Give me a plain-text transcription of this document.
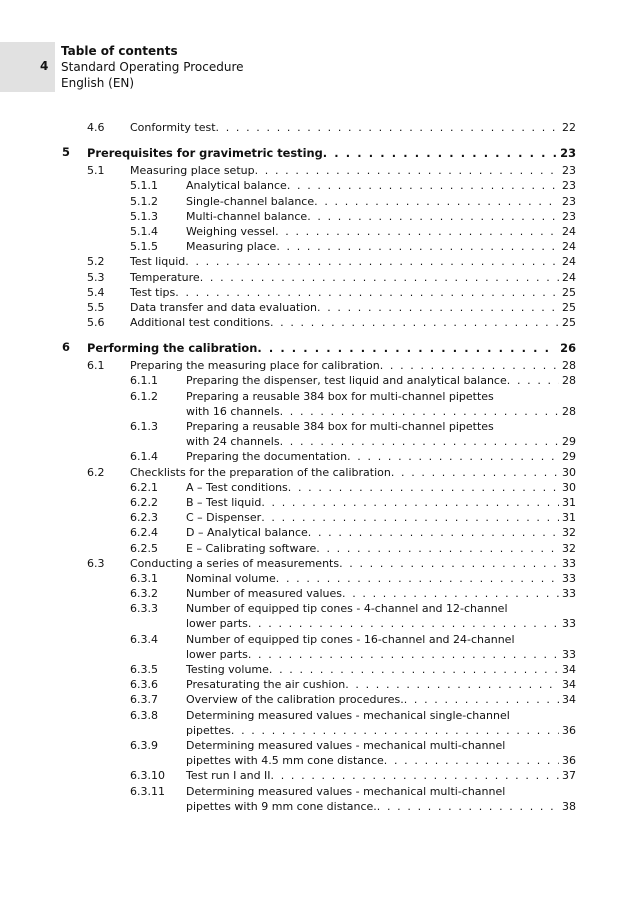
4
Table of contents
Standard Operating Procedure
English (EN)
4.6 Conformity test . . .	22
5 Prerequisites for gravimetric testing . . .	23
5.1 Measuring place setup . . .	23
5.1.1	Analytical balance . . .	23
5.1.2	Single-channel balance . . .	23
5.1.3	Multi-channel balance . . .	23
5.1.4	Weighing vessel . . .	24
5.1.5	Measuring place . . .	24
5.2 Test liquid . . .	24
5.3 Temperature . . .	24
5.4 Test tips . . .	25
5.5 Data transfer and data evaluation . . .	25
5.6 Additional test conditions . . .	25
6 Performing the calibration . . .	26
6.1 Preparing the measuring place for calibration . . .	28
6.1.1	Preparing the dispenser, test liquid and analytical balance . . .	28
6.1.2	Preparing a reusable 384 box for multi-channel pipettes
with 16 channels . . .	28
6.1.3	Preparing a reusable 384 box for multi-channel pipettes
with 24 channels . . .	29
6.1.4	Preparing the documentation . . .	29
6.2 Checklists for the preparation of the calibration . . .	30
6.2.1	A – Test conditions . . .	30
6.2.2	B – Test liquid . . .	31
6.2.3	C – Dispenser . . .	31
6.2.4	D – Analytical balance . . .	32
6.2.5	E – Calibrating software . . .	32
6.3 Conducting a series of measurements . . .	33
6.3.1	Nominal volume . . .	33
6.3.2	Number of measured values . . .	33
6.3.3	Number of equipped tip cones - 4-channel and 12-channel
lower parts . . .	33
6.3.4	Number of equipped tip cones - 16-channel and 24-channel
lower parts . . .	33
6.3.5	Testing volume . . .	34
6.3.6	Presaturating the air cushion . . .	34
6.3.7	Overview of the calibration procedures. . . .	34
6.3.8	Determining measured values - mechanical single-channel
pipettes . . .	36
6.3.9	Determining measured values - mechanical multi-channel
pipettes with 4.5 mm cone distance . . .	36
6.3.10 Test run I and II . . .	37
6.3.11 Determining measured values - mechanical multi-channel
pipettes with 9 mm cone distance. . . .	38
